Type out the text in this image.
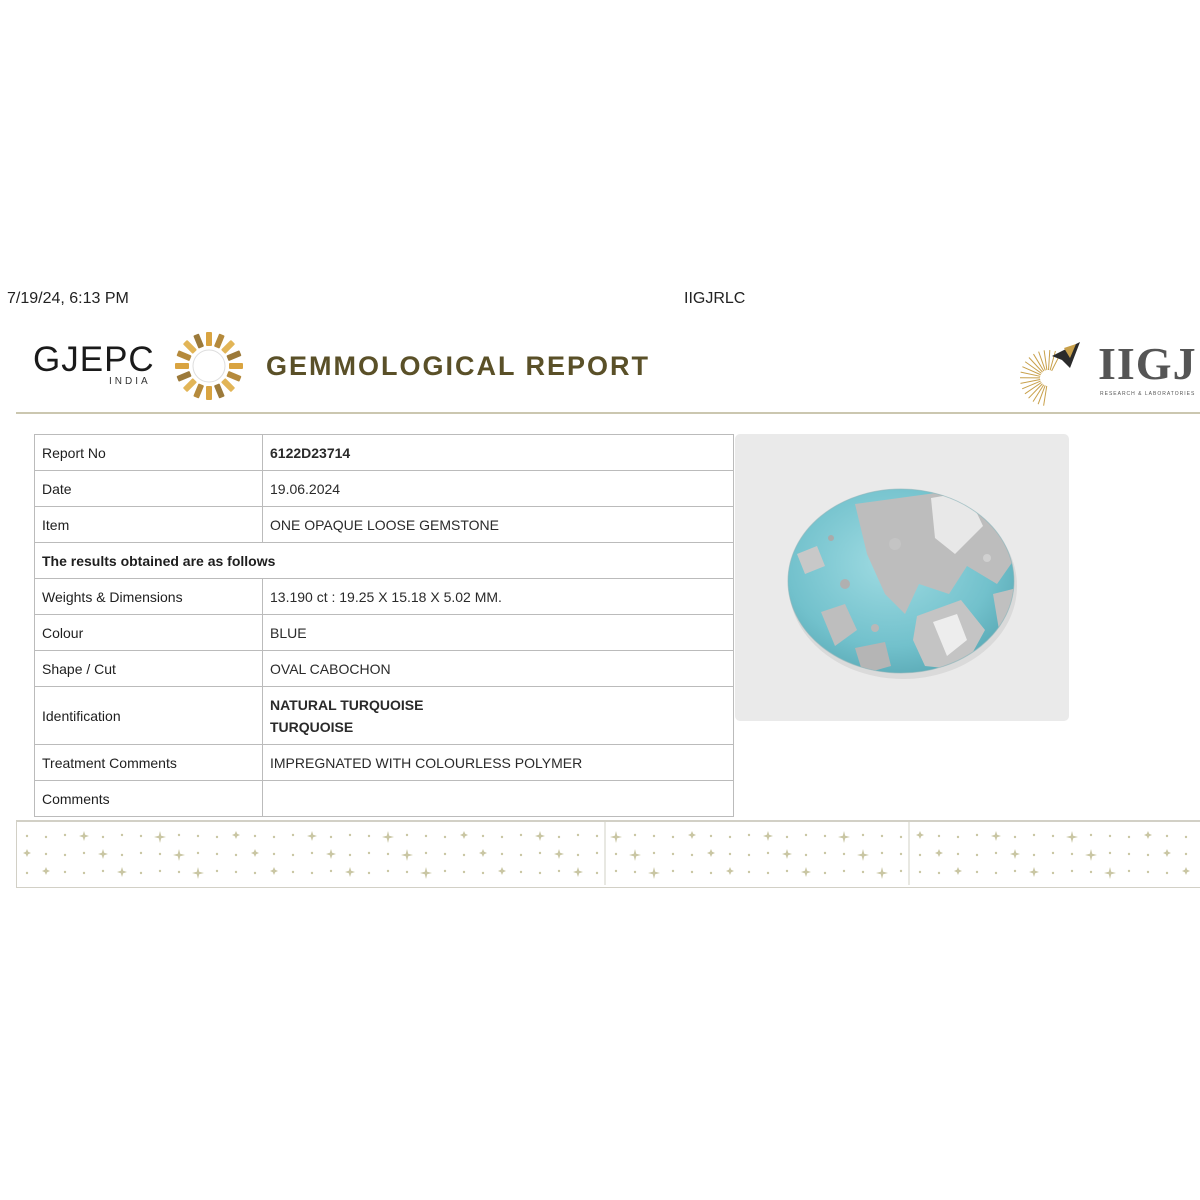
7/19/24, 6:13 PM	IIGJRLC
GJEPC
INDIA
GEMMOLOGICAL REPORT	IIGJ
RESEARCH & LABORATORIES
Report No	6122D23714
Date	19.06.2024
Item	ONE OPAQUE LOOSE GEMSTONE
The results obtained are as follows	
Weights & Dimensions	13.190 ct : 19.25 X 15.18 X 5.02 MM.
Colour	BLUE
Shape / Cut	OVAL CABOCHON
Identification	NATURAL TURQUOISE
TURQUOISE

Treatment Comments	IMPREGNATED WITH COLOURLESS POLYMER
Comments	
